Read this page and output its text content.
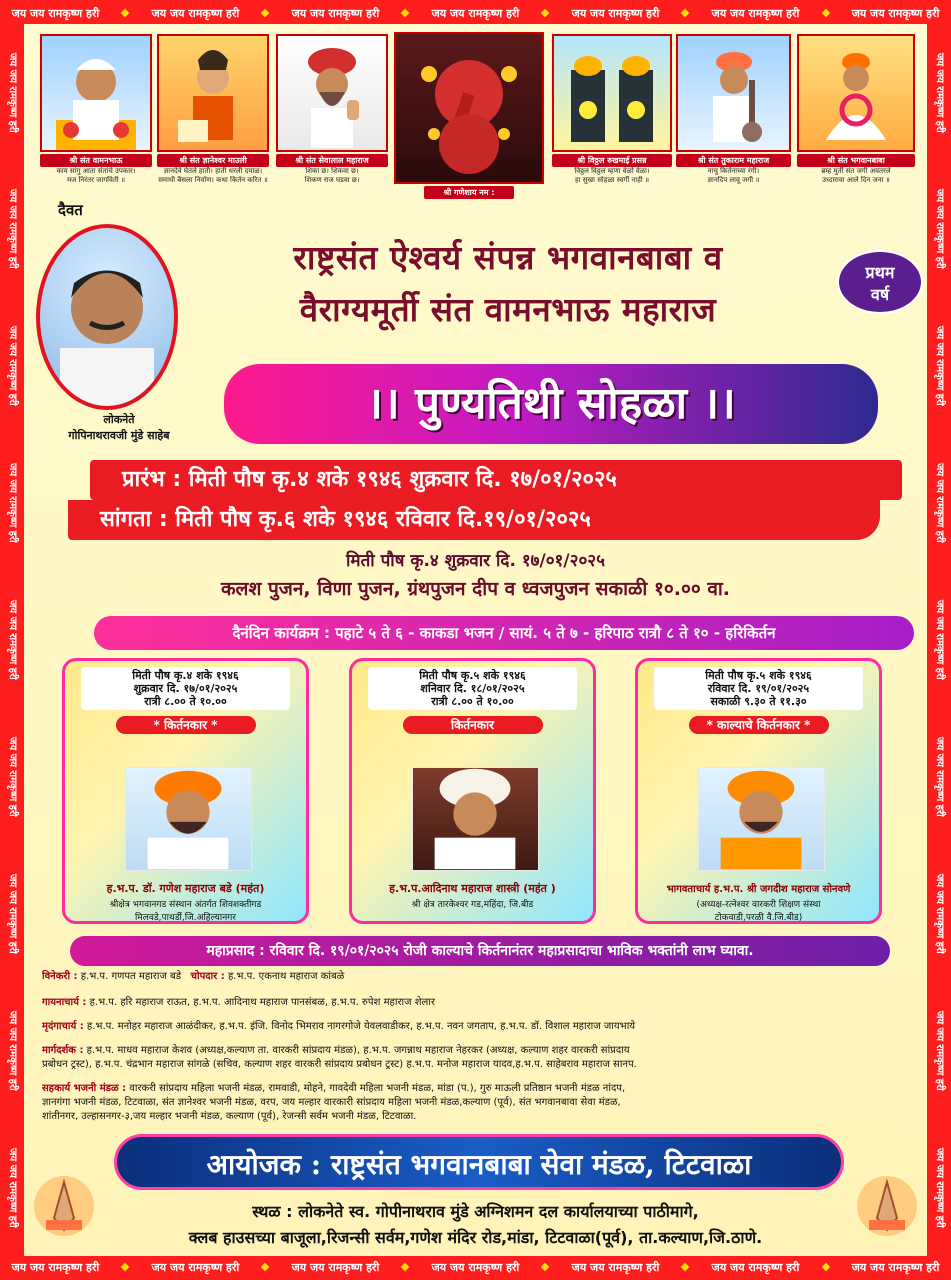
जय जय रामकृष्ण हरी	जय जय रामकृष्ण हरी	जय जय रामकृष्ण हरी	जय जय रामकृष्ण हरी	जय जय रामकृष्ण हरी	जय जय रामकृष्ण हरी	जय जय रामकृष्ण हरी
जय जय रामकृष्ण हरी	जय जय रामकृष्ण हरी	जय जय रामकृष्ण हरी	जय जय रामकृष्ण हरी	जय जय रामकृष्ण हरी	जय जय रामकृष्ण हरी	जय जय रामकृष्ण हरी
जय जय रामकृष्ण हरी
जय जय रामकृष्ण हरी
जय जय रामकृष्ण हरी
जय जय रामकृष्ण हरी
जय जय रामकृष्ण हरी
जय जय रामकृष्ण हरी
जय जय रामकृष्ण हरी
जय जय रामकृष्ण हरी
जय जय रामकृष्ण हरी
जय जय रामकृष्ण हरी
जय जय रामकृष्ण हरी
जय जय रामकृष्ण हरी
जय जय रामकृष्ण हरी
जय जय रामकृष्ण हरी
जय जय रामकृष्ण हरी
जय जय रामकृष्ण हरी
जय जय रामकृष्ण हरी
जय जय रामकृष्ण हरी
श्री संत वामनभाऊ
काय सांगु आता संतांचे उपकार।
मज निरंतर जागविती ॥
श्री संत ज्ञानेश्वर माउली
ज्ञानदेवे घेतले हाती। हाती धरली दयाळ।
समाधी बैसला निर्वाण। कथा किर्तन करित ॥
श्री संत सेवालाल महाराज
शिका छ। शिकवा छ।
शिकण राज घडवा छ।
श्री गणेशाय नम :
श्री विठ्ठल रुखमाई प्रसन्न
विठ्ठल विठ्ठल म्हणा वेळो वेळा।
हा सुखा सोहळा स्वर्गी नाही ॥
श्री संत तुकाराम महाराज
नाचु किर्तनाच्या रंगी।
ज्ञानदिप लावू जगी ॥
श्री संत भगवानबाबा
ब्रम्ह मुर्ती संत जगी अवतरले
उध्दारावा आले दिन जना ॥
दैवत
लोकनेते
गोपिनाथरावजी मुंडे साहेब
राष्ट्रसंत ऐश्वर्य संपन्न भगवानबाबा व
वैराग्यमूर्ती संत वामनभाऊ महाराज
प्रथम
वर्ष
।। पुण्यतिथी सोहळा ।।
प्रारंभ : मिती पौष कृ.४ शके १९४६ शुक्रवार दि. १७/०१/२०२५
सांगता : मिती पौष कृ.६ शके १९४६ रविवार दि.१९/०१/२०२५
मिती पौष कृ.४ शुक्रवार दि. १७/०१/२०२५
कलश पुजन, विणा पुजन, ग्रंथपुजन दीप व ध्वजपुजन सकाळी १०.०० वा.
दैनंदिन कार्यक्रम : पहाटे ५ ते ६ - काकडा भजन / सायं. ५ ते ७ - हरिपाठ रात्रौ ८ ते १० - हरिकिर्तन
मिती पौष कृ.४ शके १९४६
शुक्रवार दि. १७/०१/२०२५
रात्री ८.०० ते १०.००
* किर्तनकार *
ह.भ.प. डॉ. गणेश महाराज बडे (महंत)
श्रीक्षेत्र भगवानगड संस्थान अंतर्गत शिवशक्तीगड
मिलवडे,पाथर्डी,जि.अहिल्यानगर
मिती पौष कृ.५ शके १९४६
शनिवार दि. १८/०१/२०२५
रात्री ८.०० ते १०.००
किर्तनकार
ह.भ.प.आदिनाथ महाराज शास्त्री (महंत )
श्री क्षेत्र तारकेश्वर गड,महिंदा, जि.बीड
मिती पौष कृ.५ शके १९४६
रविवार दि. १९/०१/२०२५
सकाळी ९.३० ते ११.३०
* काल्याचे किर्तनकार *
भागवताचार्य ह.भ.प. श्री जगदीश महाराज सोनवणे
(अध्यक्ष-रत्नेश्वर वारकरी शिक्षण संस्था
टोकवाडी,परळी वै.जि.बीड)
महाप्रसाद : रविवार दि. १९/०१/२०२५ रोजी काल्याचे किर्तनानंतर महाप्रसादाचा भाविक भक्तांनी लाभ घ्यावा.
विनेकरी : ह.भ.प. गणपत महाराज बडे चोपदार : ह.भ.प. एकनाथ महाराज कांबळे
गायनाचार्य : ह.भ.प. हरि महाराज राऊत, ह.भ.प. आदिनाथ महाराज पानसंबळ, ह.भ.प. रुपेश महाराज शेलार
मृदंगाचार्य : ह.भ.प. मनोहर महाराज आळंदीकर, ह.भ.प. इंजि. विनोद भिमराव नागरगोजे येवलवाडीकर, ह.भ.प. नवन जगताप, ह.भ.प. डॉ. विशाल महाराज जायभाये
मार्गदर्शक : ह.भ.प. माधव महाराज केशव (अध्यक्ष,कल्याण ता. वारकरी सांप्रदाय मंडळ), ह.भ.प. जगन्नाथ महाराज नेहरकर (अध्यक्ष, कल्याण शहर वारकरी सांप्रदाय
प्रबोधन ट्रस्ट), ह.भ.प. चंद्रभान महाराज सांगळे (सचिव, कल्याण शहर वारकरी सांप्रदाय प्रबोधन ट्रस्ट) ह.भ.प. मनोज महाराज यादव,ह.भ.प. साहेबराव महाराज सानप.
सहकार्य भजनी मंडळ : वारकरी सांप्रदाय महिला भजनी मंडळ, रामवाडी, मोहने, गावदेवी महिला भजनी मंडळ, मांडा (प.), गुरु माऊली प्रतिष्ठान भजनी मंडळ नांदप,
ज्ञानगंगा भजनी मंडळ, टिटवाळा, संत ज्ञानेश्वर भजनी मंडळ, वरप, जय मल्हार वारकारी सांप्रदाय महिला भजनी मंडळ,कल्याण (पूर्व), संत भगवानबावा सेवा मंडळ,
शांतीनगर, उल्हासनगर-३,जय मल्हार भजनी मंडळ, कल्याण (पूर्व), रेजन्सी सर्वम भजनी मंडळ, टिटवाळा.
आयोजक : राष्ट्रसंत भगवानबाबा सेवा मंडळ, टिटवाळा
स्थळ : लोकनेते स्व. गोपीनाथराव मुंडे अग्निशमन दल कार्यालयाच्या पाठीमागे,
क्लब हाउसच्या बाजूला,रिजन्सी सर्वम,गणेश मंदिर रोड,मांडा, टिटवाळा(पूर्व), ता.कल्याण,जि.ठाणे.
